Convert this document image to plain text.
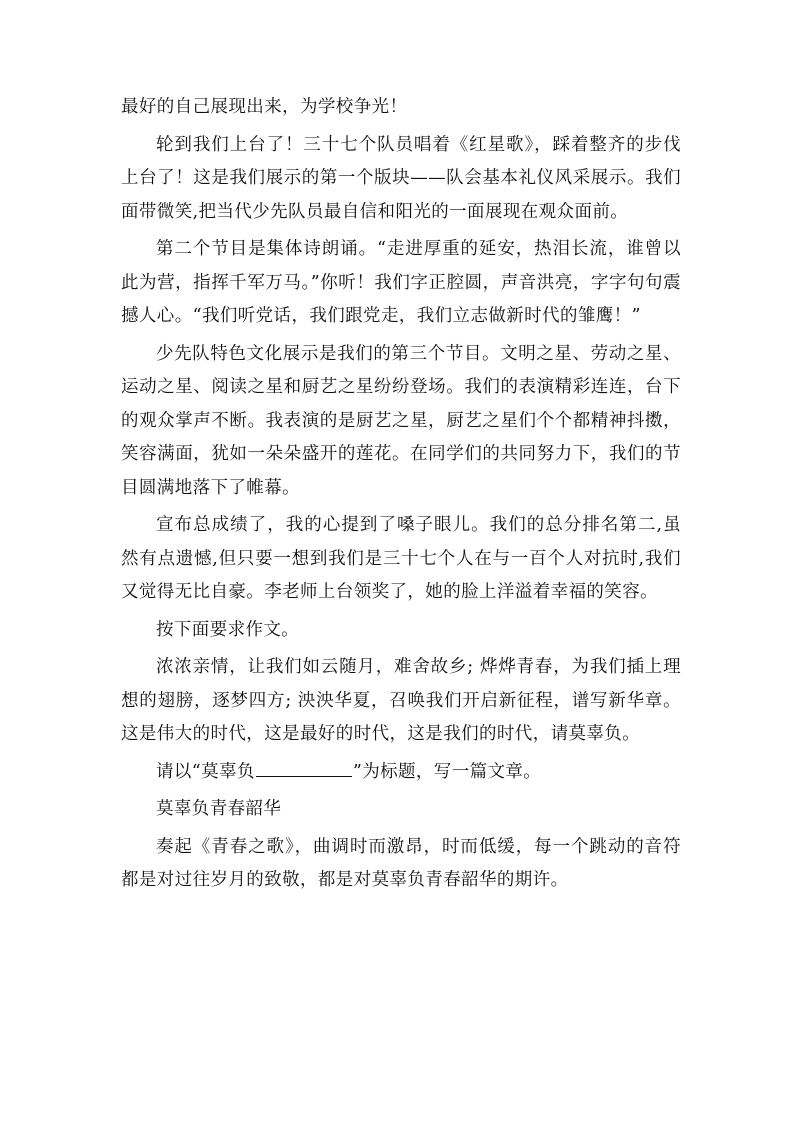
最好的自己展现出来，为学校争光！

轮到我们上台了！三十七个队员唱着《红星歌》，踩着整齐的步伐上台了！这是我们展示的第一个版块——队会基本礼仪风采展示。我们面带微笑,把当代少先队员最自信和阳光的一面展现在观众面前。

第二个节目是集体诗朗诵。“走进厚重的延安，热泪长流，谁曾以此为营，指挥千军万马。”你听！我们字正腔圆，声音洪亮，字字句句震撼人心。“我们听党话，我们跟党走，我们立志做新时代的雏鹰！”

少先队特色文化展示是我们的第三个节目。文明之星、劳动之星、运动之星、阅读之星和厨艺之星纷纷登场。我们的表演精彩连连，台下的观众掌声不断。我表演的是厨艺之星，厨艺之星们个个都精神抖擞，笑容满面，犹如一朵朵盛开的莲花。在同学们的共同努力下，我们的节目圆满地落下了帷幕。

宣布总成绩了，我的心提到了嗓子眼儿。我们的总分排名第二,虽然有点遗憾,但只要一想到我们是三十七个人在与一百个人对抗时,我们又觉得无比自豪。李老师上台领奖了，她的脸上洋溢着幸福的笑容。

按下面要求作文。

浓浓亲情，让我们如云随月，难舍故乡; 烨烨青春，为我们插上理想的翅膀，逐梦四方; 泱泱华夏，召唤我们开启新征程，谱写新华章。这是伟大的时代，这是最好的时代，这是我们的时代，请莫辜负。

请以“莫辜负	”为标题，写一篇文章。

莫辜负青春韶华

奏起《青春之歌》，曲调时而激昂，时而低缓，每一个跳动的音符都是对过往岁月的致敬，都是对莫辜负青春韶华的期许。
